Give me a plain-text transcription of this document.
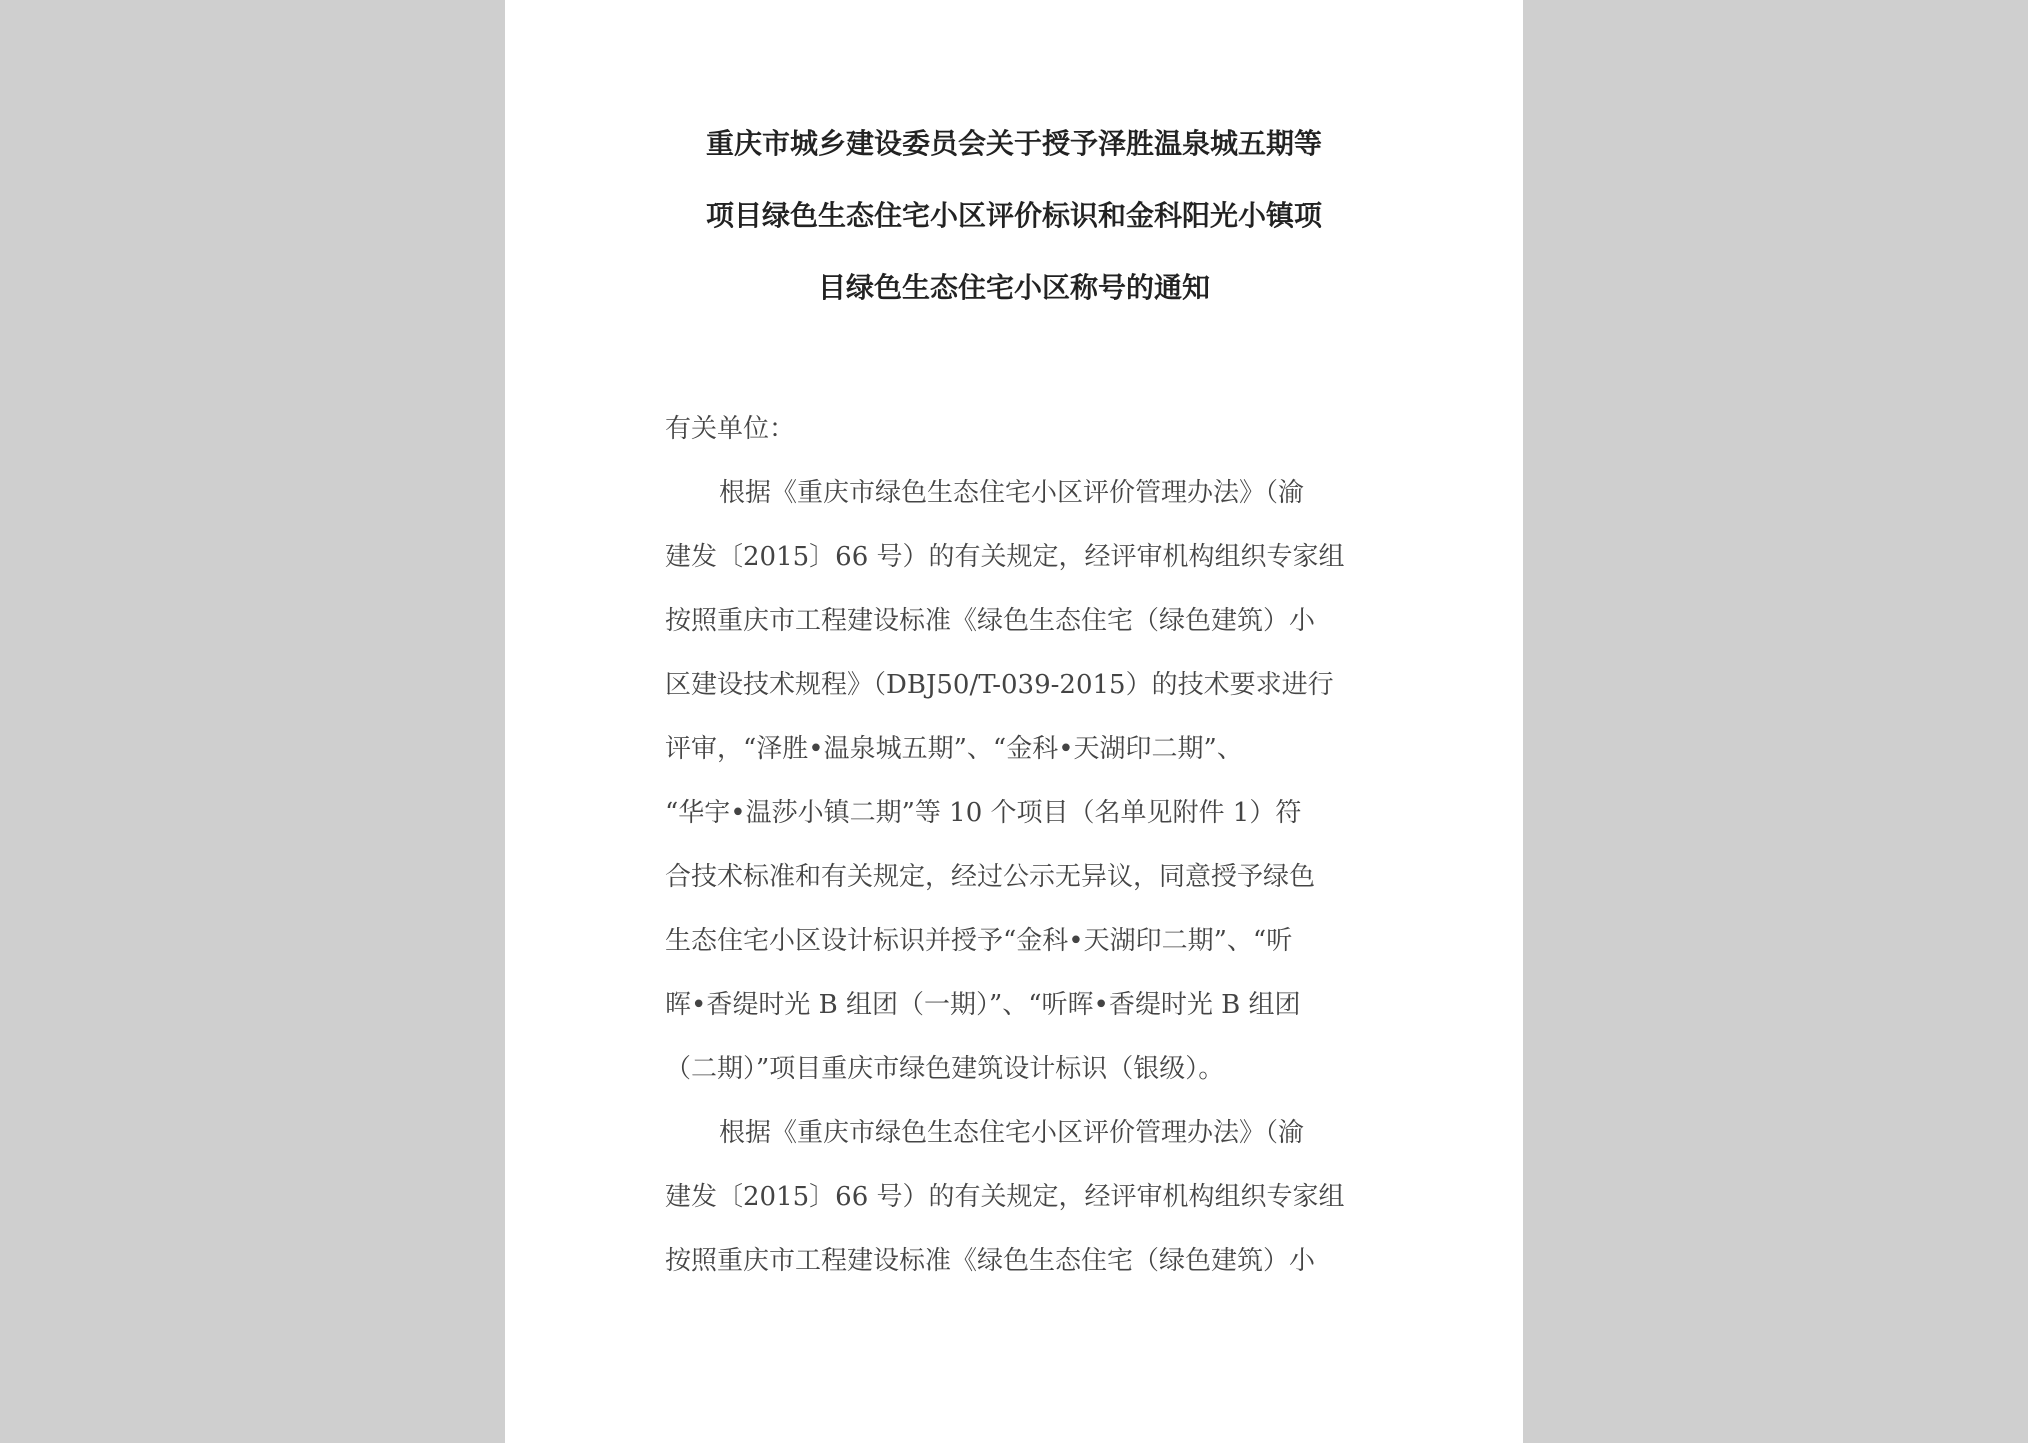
重庆市城乡建设委员会关于授予泽胜温泉城五期等
项目绿色生态住宅小区评价标识和金科阳光小镇项
目绿色生态住宅小区称号的通知
有关单位：
根据《重庆市绿色生态住宅小区评价管理办法》（渝
建发〔2015〕66 号）的有关规定，经评审机构组织专家组
按照重庆市工程建设标准《绿色生态住宅（绿色建筑）小
区建设技术规程》（DBJ50/T-039-2015）的技术要求进行
评审，“泽胜•温泉城五期”、“金科•天湖印二期”、
“华宇•温莎小镇二期”等 10 个项目（名单见附件 1）符
合技术标准和有关规定，经过公示无异议，同意授予绿色
生态住宅小区设计标识并授予“金科•天湖印二期”、“听
晖•香缇时光 B 组团（一期）”、“听晖•香缇时光 B 组团
（二期）”项目重庆市绿色建筑设计标识（银级）。
根据《重庆市绿色生态住宅小区评价管理办法》（渝
建发〔2015〕66 号）的有关规定，经评审机构组织专家组
按照重庆市工程建设标准《绿色生态住宅（绿色建筑）小
